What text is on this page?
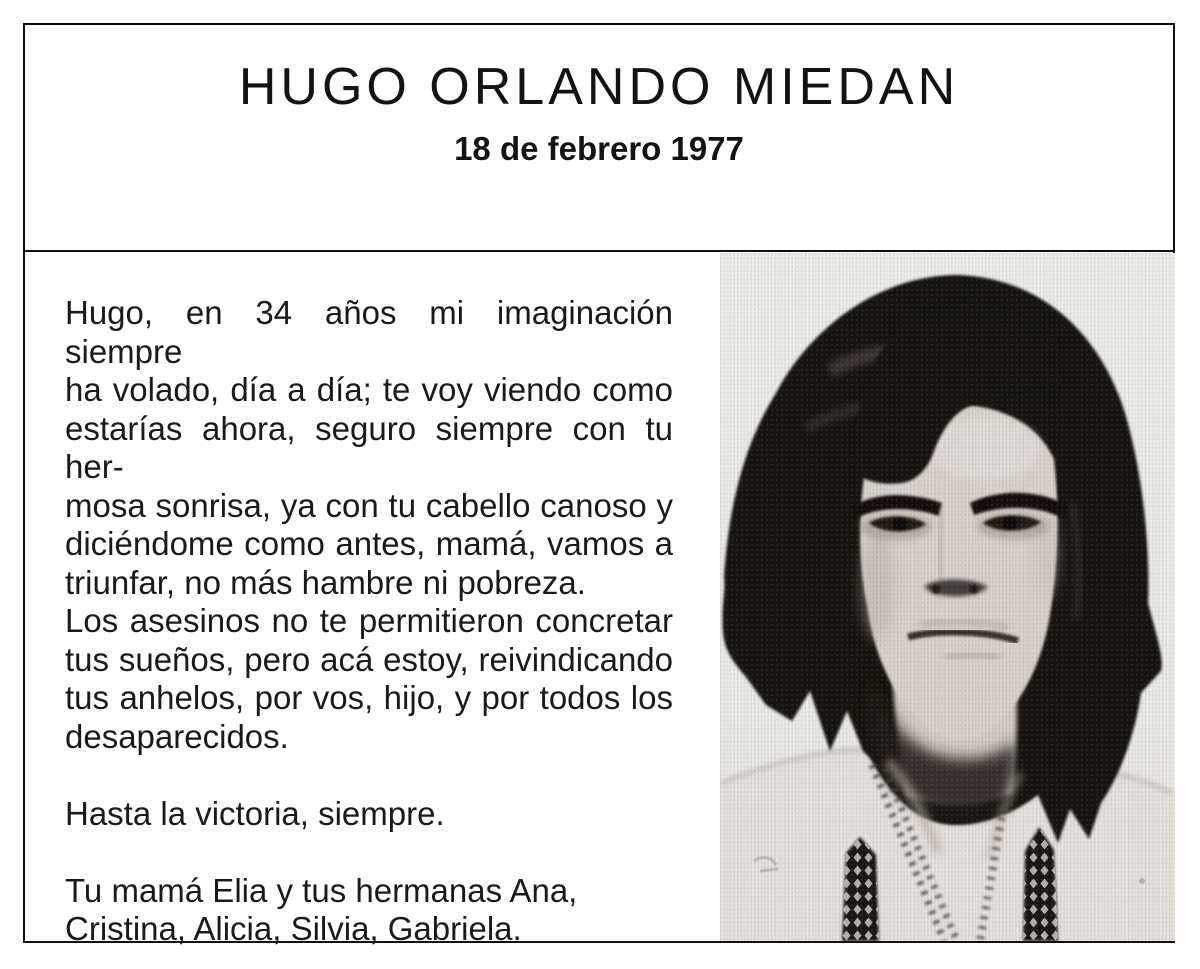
HUGO ORLANDO MIEDAN
18 de febrero 1977
Hugo, en 34 años mi imaginación siempre
ha volado, día a día; te voy viendo como
estarías ahora, seguro siempre con tu her-
mosa sonrisa, ya con tu cabello canoso y
diciéndome como antes, mamá, vamos a
triunfar, no más hambre ni pobreza.
Los asesinos no te permitieron concretar
tus sueños, pero acá estoy, reivindicando
tus anhelos, por vos, hijo, y por todos los
desaparecidos.
Hasta la victoria, siempre.
Tu mamá Elia y tus hermanas Ana,
Cristina, Alicia, Silvia, Gabriela.
